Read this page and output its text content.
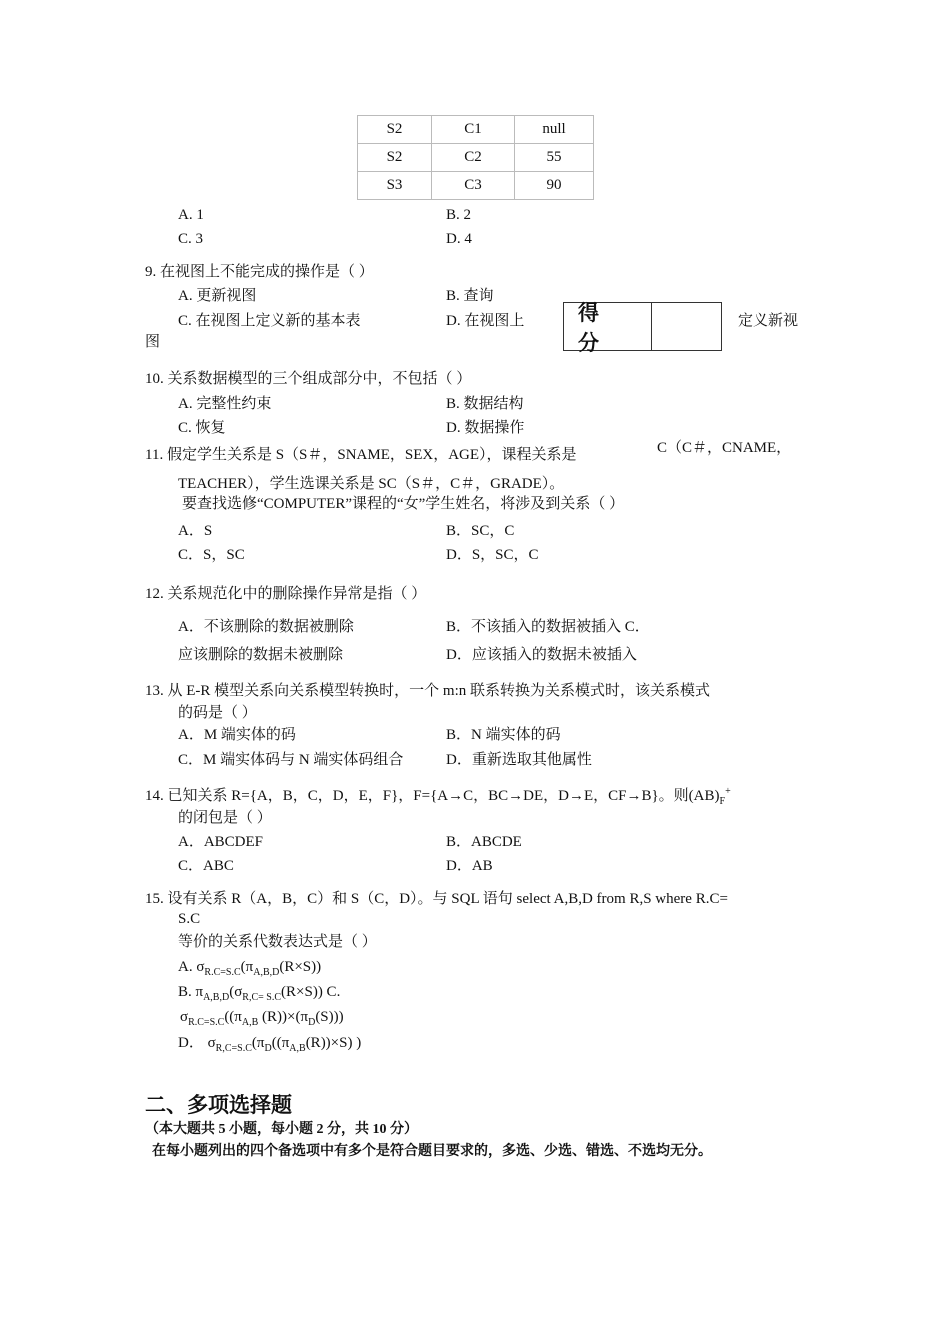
S2	C1	null
S2	C2	55
S3	C3	90
A. 1	B. 2
C. 3	D. 4
9. 在视图上不能完成的操作是（ ）
A. 更新视图	B. 查询
C. 在视图上定义新的基本表	D. 在视图上	定义新视
图
得分
10. 关系数据模型的三个组成部分中，不包括（ ）
A. 完整性约束	B. 数据结构
C. 恢复	D. 数据操作
11. 假定学生关系是 S（S＃，SNAME，SEX，AGE），课程关系是	C（C＃，CNAME，
TEACHER），学生选课关系是 SC（S＃，C＃，GRADE）。
要查找选修“COMPUTER”课程的“女”学生姓名，将涉及到关系（ ）
A．S	B．SC，C
C．S，SC	D．S，SC，C
12. 关系规范化中的删除操作异常是指（ ）
A．不该删除的数据被删除	B．不该插入的数据被插入 C．
应该删除的数据未被删除	D．应该插入的数据未被插入
13. 从 E-R 模型关系向关系模型转换时，一个 m:n 联系转换为关系模式时，该关系模式
的码是（ ）
A．M 端实体的码	B．N 端实体的码
C．M 端实体码与 N 端实体码组合	D．重新选取其他属性
14. 已知关系 R={A，B，C，D，E，F}，F={A→C，BC→DE，D→E，CF→B}。则$(AB)_F^+$
的闭包是（ ）
A．ABCDEF	B．ABCDE
C．ABC	D．AB
15. 设有关系 R（A，B，C）和 S（C，D）。与 SQL 语句 select A,B,D from R,S where R.C=
S.C
等价的关系代数表达式是（ ）
A. $\sigma_{R.C=S.C}(\pi_{A,B,D}(R\times S))$
B. $\pi_{A,B,D}(\sigma_{R,C= S.C}(R\times S))$ C.
$\sigma_{R.C=S.C}((\pi_{A,B}$ $(R))\times(\pi_D(S))$)
D． $\sigma_{R,C=S.C}(\pi_D((\pi_{A,B}(R))\times S)$ )
二、多项选择题
（本大题共 5 小题，每小题 2 分，共 10 分）
在每小题列出的四个备选项中有多个是符合题目要求的，多选、少选、错选、不选均无分。
